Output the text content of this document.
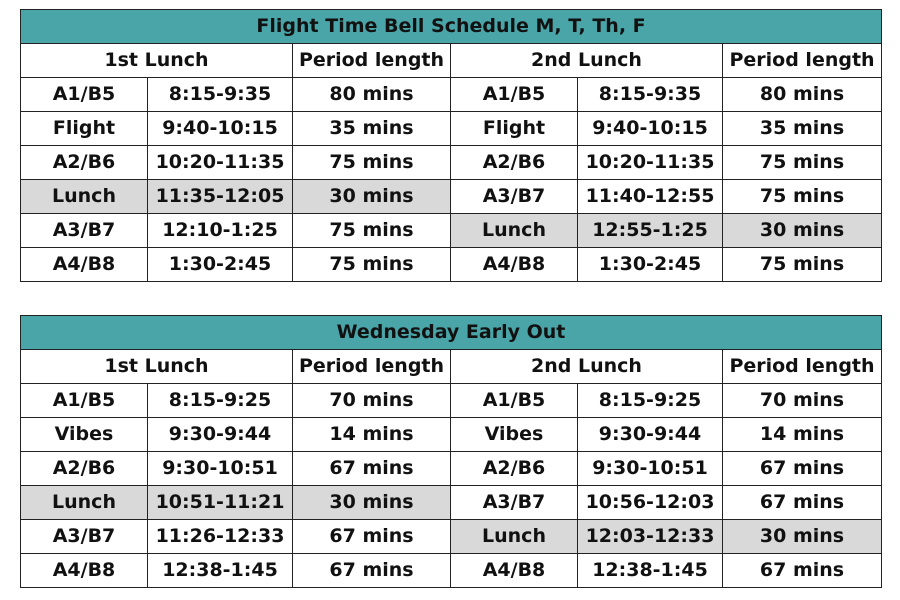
Flight Time Bell Schedule M, T, Th, F					
1st Lunch		Period length	2nd Lunch		Period length
A1/B5	8:15-9:35	80 mins	A1/B5	8:15-9:35	80 mins
Flight	9:40-10:15	35 mins	Flight	9:40-10:15	35 mins
A2/B6	10:20-11:35	75 mins	A2/B6	10:20-11:35	75 mins
Lunch	11:35-12:05	30 mins	A3/B7	11:40-12:55	75 mins
A3/B7	12:10-1:25	75 mins	Lunch	12:55-1:25	30 mins
A4/B8	1:30-2:45	75 mins	A4/B8	1:30-2:45	75 mins
Wednesday Early Out					
1st Lunch		Period length	2nd Lunch		Period length
A1/B5	8:15-9:25	70 mins	A1/B5	8:15-9:25	70 mins
Vibes	9:30-9:44	14 mins	Vibes	9:30-9:44	14 mins
A2/B6	9:30-10:51	67 mins	A2/B6	9:30-10:51	67 mins
Lunch	10:51-11:21	30 mins	A3/B7	10:56-12:03	67 mins
A3/B7	11:26-12:33	67 mins	Lunch	12:03-12:33	30 mins
A4/B8	12:38-1:45	67 mins	A4/B8	12:38-1:45	67 mins
